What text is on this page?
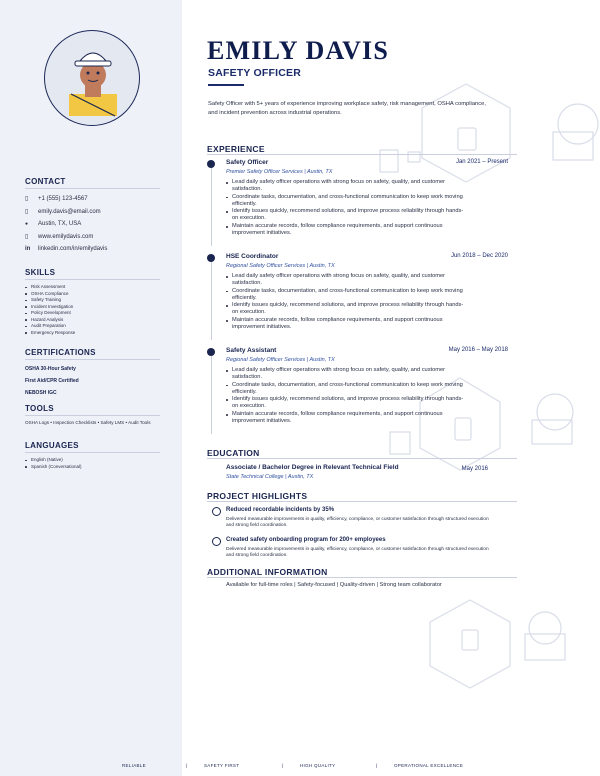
CONTACT
▯	+1 (555) 123-4567
▯	emily.davis@email.com
●	Austin, TX, USA
▯	www.emilydavis.com
in	linkedin.com/in/emilydavis
SKILLS
Risk Assessment
OSHA Compliance
Safety Training
Incident Investigation
Policy Development
Hazard Analysis
Audit Preparation
Emergency Response
CERTIFICATIONS
OSHA 30-Hour Safety
First Aid/CPR Certified
NEBOSH IGC
TOOLS
OSHA Logs • Inspection Checklists • Safety LMS • Audit Tools
LANGUAGES
English (Native)
Spanish (Conversational)
EMILY DAVIS
SAFETY OFFICER
Safety Officer with 5+ years of experience improving workplace safety, risk management, OSHA compliance, and incident prevention across industrial operations.
EXPERIENCE
Safety Officer	Jan 2021 – Present
Premier Safety Officer Services | Austin, TX
Lead daily safety officer operations with strong focus on safety, quality, and customer satisfaction.
Coordinate tasks, documentation, and cross-functional communication to keep work moving efficiently.
Identify issues quickly, recommend solutions, and improve process reliability through hands-on execution.
Maintain accurate records, follow compliance requirements, and support continuous improvement initiatives.
HSE Coordinator	Jun 2018 – Dec 2020
Regional Safety Officer Services | Austin, TX
Lead daily safety officer operations with strong focus on safety, quality, and customer satisfaction.
Coordinate tasks, documentation, and cross-functional communication to keep work moving efficiently.
Identify issues quickly, recommend solutions, and improve process reliability through hands-on execution.
Maintain accurate records, follow compliance requirements, and support continuous improvement initiatives.
Safety Assistant	May 2016 – May 2018
Regional Safety Officer Services | Austin, TX
Lead daily safety officer operations with strong focus on safety, quality, and customer satisfaction.
Coordinate tasks, documentation, and cross-functional communication to keep work moving efficiently.
Identify issues quickly, recommend solutions, and improve process reliability through hands-on execution.
Maintain accurate records, follow compliance requirements, and support continuous improvement initiatives.
EDUCATION
Associate / Bachelor Degree in Relevant Technical Field	May 2016
State Technical College | Austin, TX
PROJECT HIGHLIGHTS
Reduced recordable incidents by 35%
Delivered measurable improvements in quality, efficiency, compliance, or customer satisfaction through structured execution and strong field coordination.
Created safety onboarding program for 200+ employees
Delivered measurable improvements in quality, efficiency, compliance, or customer satisfaction through structured execution and strong field coordination.
ADDITIONAL INFORMATION
Available for full-time roles | Safety-focused | Quality-driven | Strong team collaborator
RELIABLE	|	SAFETY FIRST	|	HIGH QUALITY	|	OPERATIONAL EXCELLENCE
